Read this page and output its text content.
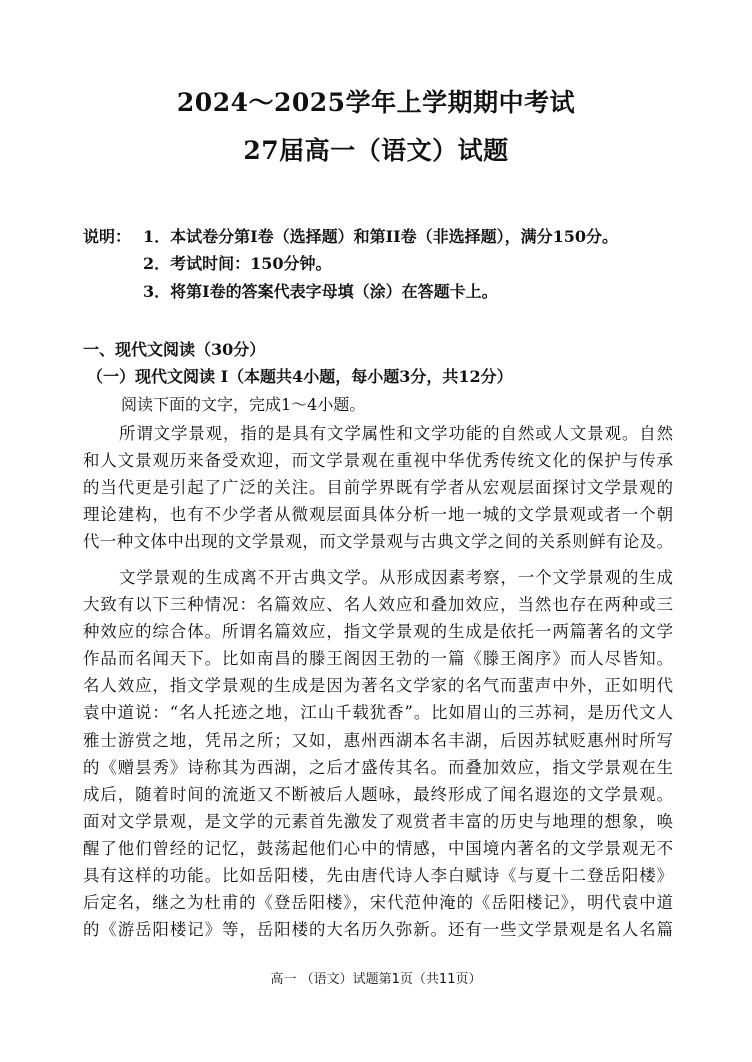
2024～2025学年上学期期中考试
27届高一（语文）试题
说明： 1．本试卷分第I卷（选择题）和第II卷（非选择题），满分150分。
2．考试时间：150分钟。
3．将第I卷的答案代表字母填（涂）在答题卡上。
一、现代文阅读（30分）
（一）现代文阅读 I（本题共4小题，每小题3分，共12分）
阅读下面的文字，完成1～4小题。
所谓文学景观，指的是具有文学属性和文学功能的自然或人文景观。自然
和人文景观历来备受欢迎，而文学景观在重视中华优秀传统文化的保护与传承
的当代更是引起了广泛的关注。目前学界既有学者从宏观层面探讨文学景观的
理论建构，也有不少学者从微观层面具体分析一地一城的文学景观或者一个朝
代一种文体中出现的文学景观，而文学景观与古典文学之间的关系则鲜有论及。
文学景观的生成离不开古典文学。从形成因素考察，一个文学景观的生成
大致有以下三种情况：名篇效应、名人效应和叠加效应，当然也存在两种或三
种效应的综合体。所谓名篇效应，指文学景观的生成是依托一两篇著名的文学
作品而名闻天下。比如南昌的滕王阁因王勃的一篇《滕王阁序》而人尽皆知。
名人效应，指文学景观的生成是因为著名文学家的名气而蜚声中外，正如明代
袁中道说：“名人托迹之地，江山千载犹香”。比如眉山的三苏祠，是历代文人
雅士游赏之地，凭吊之所；又如，惠州西湖本名丰湖，后因苏轼贬惠州时所写
的《赠昙秀》诗称其为西湖，之后才盛传其名。而叠加效应，指文学景观在生
成后，随着时间的流逝又不断被后人题咏，最终形成了闻名遐迩的文学景观。
面对文学景观，是文学的元素首先激发了观赏者丰富的历史与地理的想象，唤
醒了他们曾经的记忆，鼓荡起他们心中的情感，中国境内著名的文学景观无不
具有这样的功能。比如岳阳楼，先由唐代诗人李白赋诗《与夏十二登岳阳楼》
后定名，继之为杜甫的《登岳阳楼》，宋代范仲淹的《岳阳楼记》，明代袁中道
的《游岳阳楼记》等，岳阳楼的大名历久弥新。还有一些文学景观是名人名篇
高一 （语文）试题第1页（共11页）
